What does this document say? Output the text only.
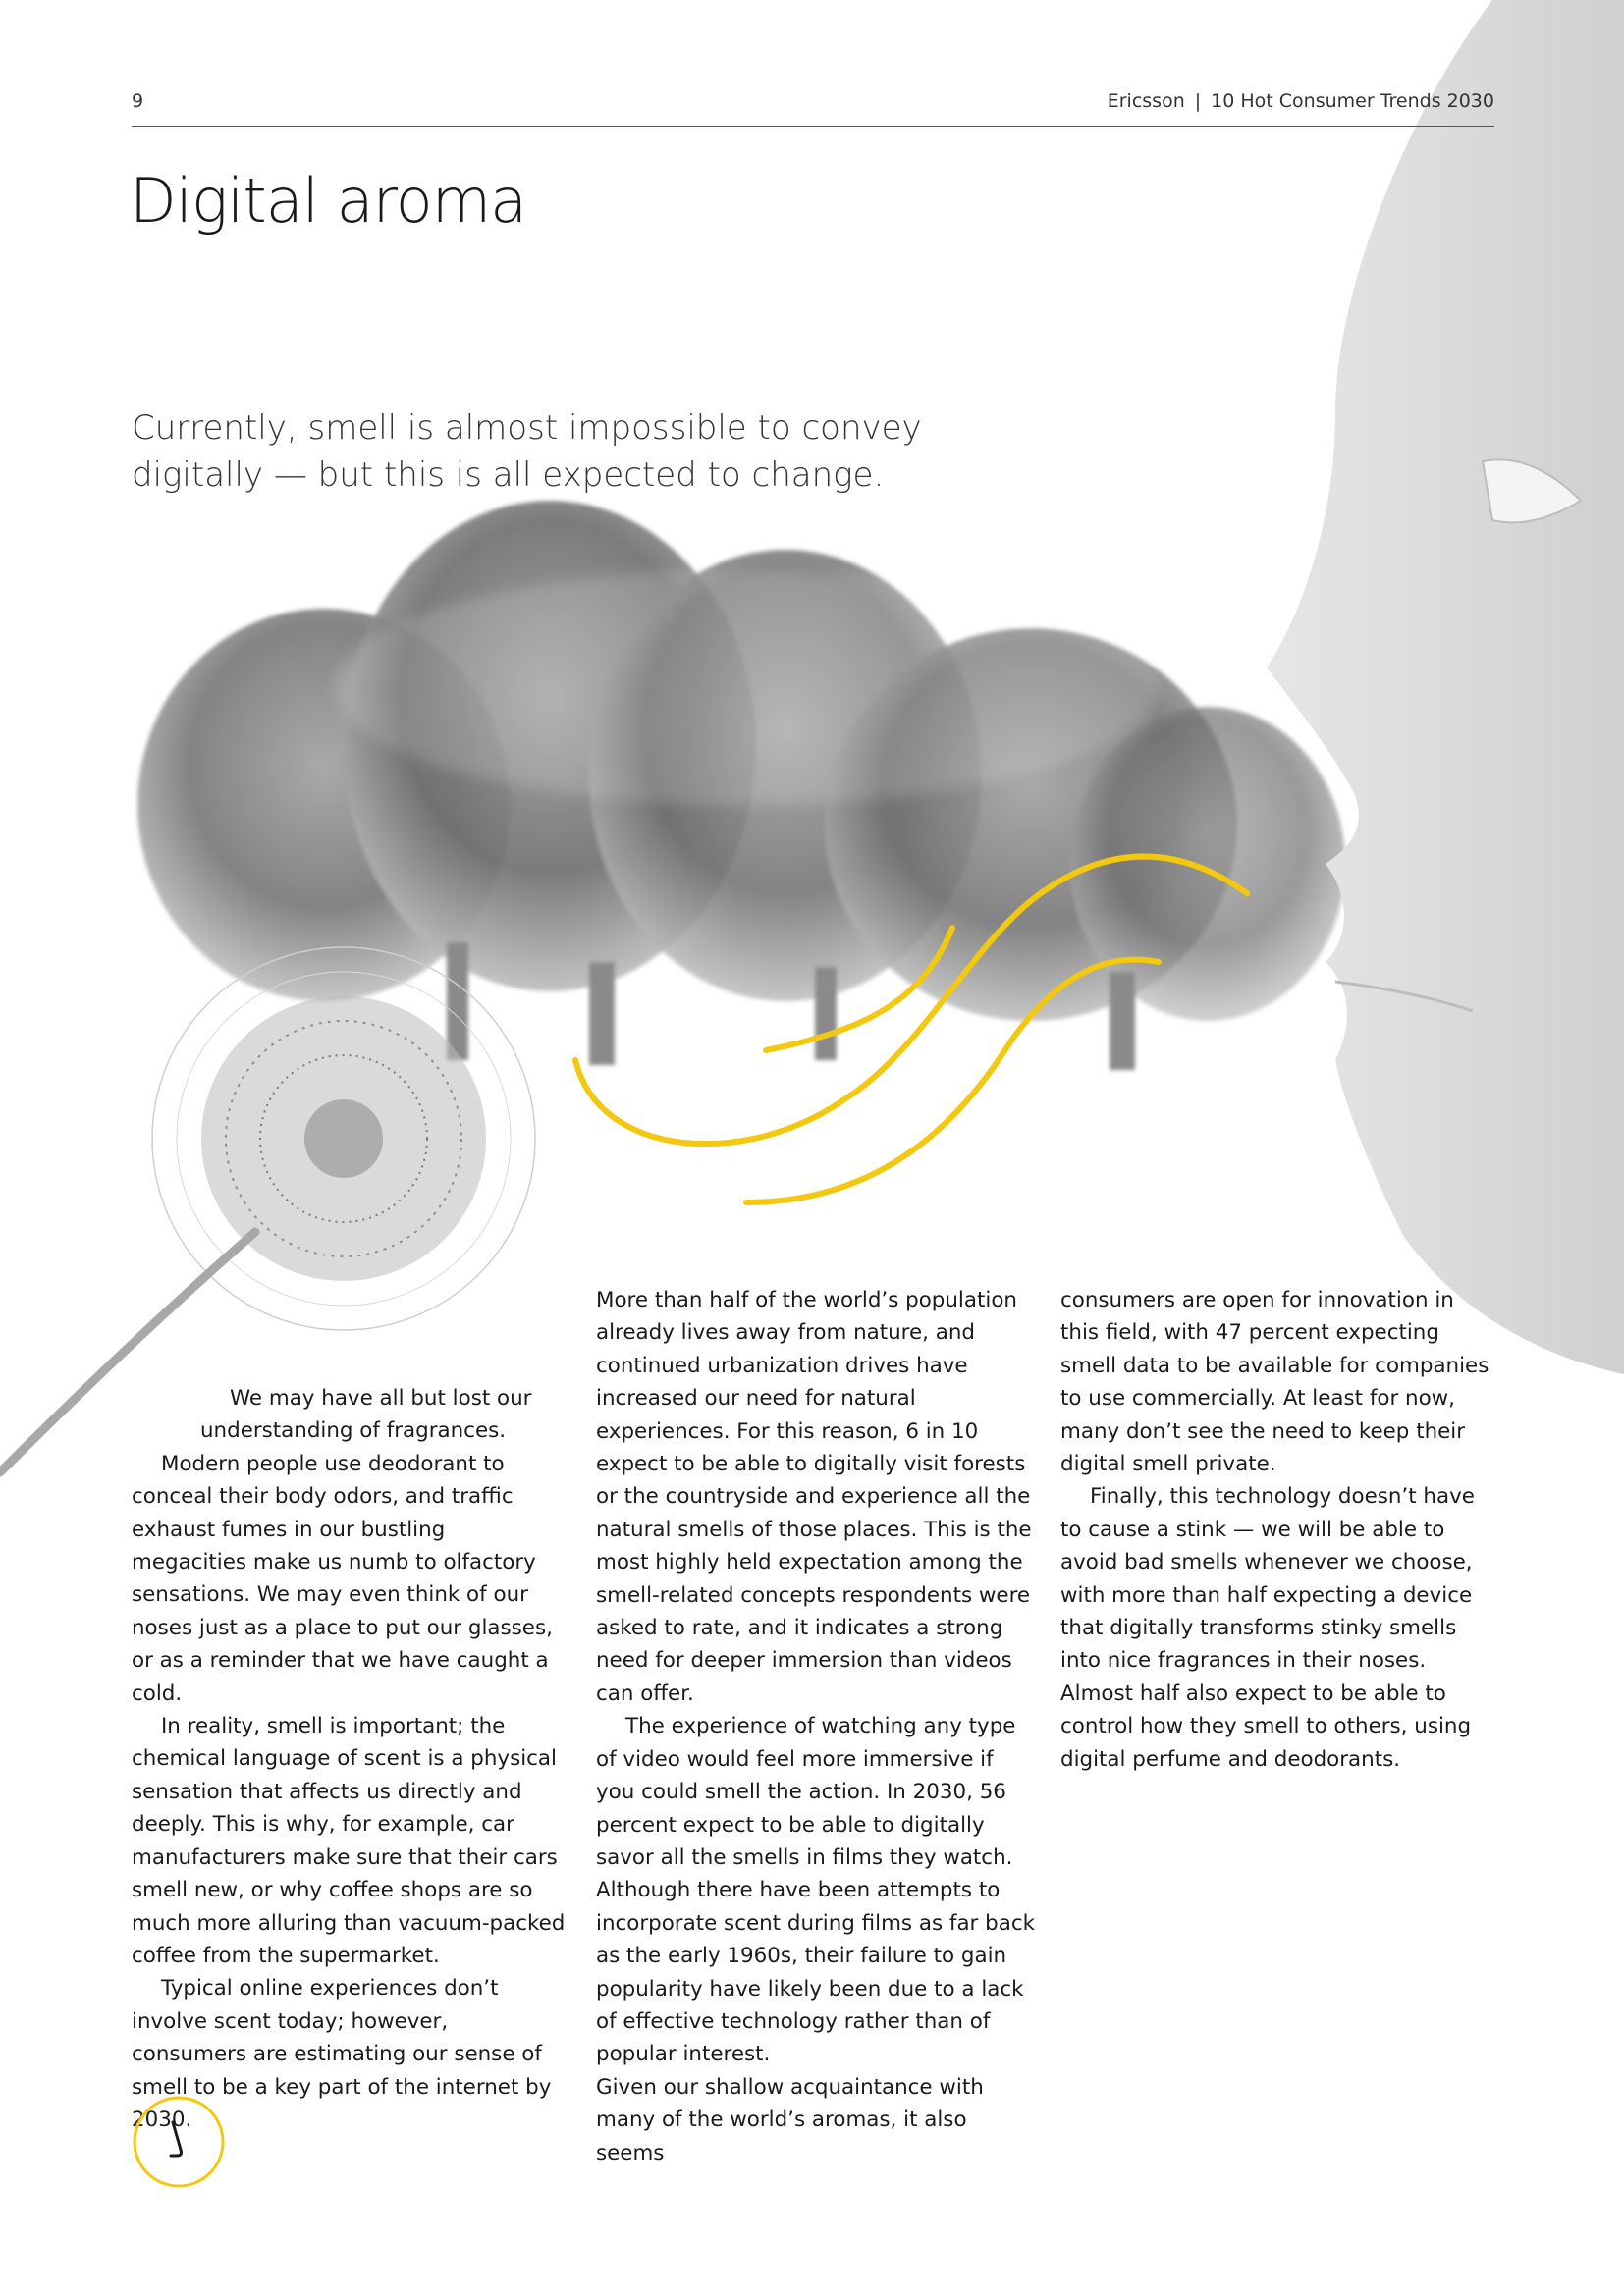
9	Ericsson | 10 Hot Consumer Trends 2030
Digital aroma

Currently, smell is almost impossible to convey digitally — but this is all expected to change.

We may have all but lost our understanding of fragrances.

Modern people use deodorant to conceal their body odors, and traffic exhaust fumes in our bustling megacities make us numb to olfactory sensations. We may even think of our noses just as a place to put our glasses, or as a reminder that we have caught a cold.

In reality, smell is important; the chemical language of scent is a physical sensation that affects us directly and deeply. This is why, for example, car manufacturers make sure that their cars smell new, or why coffee shops are so much more alluring than vacuum-packed coffee from the supermarket.

Typical online experiences don’t involve scent today; however, consumers are estimating our sense of smell to be a key part of the internet by 2030.

More than half of the world’s population already lives away from nature, and continued urbanization drives have increased our need for natural experiences. For this reason, 6 in 10 expect to be able to digitally visit forests or the countryside and experience all the natural smells of those places. This is the most highly held expectation among the smell-related concepts respondents were asked to rate, and it indicates a strong need for deeper immersion than videos can offer.

The experience of watching any type of video would feel more immersive if you could smell the action. In 2030, 56 percent expect to be able to digitally savor all the smells in films they watch. Although there have been attempts to incorporate scent during films as far back as the early 1960s, their failure to gain popularity have likely been due to a lack of effective technology rather than of popular interest.

Given our shallow acquaintance with many of the world’s aromas, it also seems

consumers are open for innovation in this field, with 47 percent expecting smell data to be available for companies to use commercially. At least for now, many don’t see the need to keep their digital smell private.

Finally, this technology doesn’t have to cause a stink — we will be able to avoid bad smells whenever we choose, with more than half expecting a device that digitally transforms stinky smells into nice fragrances in their noses. Almost half also expect to be able to control how they smell to others, using digital perfume and deodorants.
